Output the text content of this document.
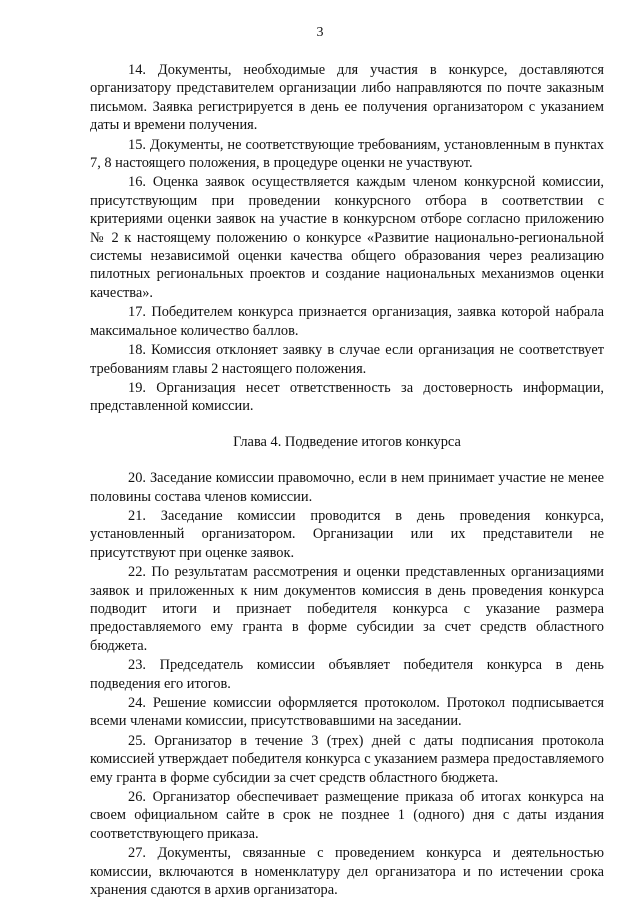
3

14. Документы, необходимые для участия в конкурсе, доставляются организатору представителем организации либо направляются по почте заказным письмом. Заявка регистрируется в день ее получения организатором с указанием даты и времени получения.

15. Документы, не соответствующие требованиям, установленным в пунктах 7, 8 настоящего положения, в процедуре оценки не участвуют.

16. Оценка заявок осуществляется каждым членом конкурсной комиссии, присутствующим при проведении конкурсного отбора в соответствии с критериями оценки заявок на участие в конкурсном отборе согласно приложению № 2 к настоящему положению о конкурсе «Развитие национально-региональной системы независимой оценки качества общего образования через реализацию пилотных региональных проектов и создание национальных механизмов оценки качества».

17. Победителем конкурса признается организация, заявка которой набрала максимальное количество баллов.

18. Комиссия отклоняет заявку в случае если организация не соответствует требованиям главы 2 настоящего положения.

19. Организация несет ответственность за достоверность информации, представленной комиссии.

Глава 4. Подведение итогов конкурса

20. Заседание комиссии правомочно, если в нем принимает участие не менее половины состава членов комиссии.

21. Заседание комиссии проводится в день проведения конкурса, установленный организатором. Организации или их представители не присутствуют при оценке заявок.

22. По результатам рассмотрения и оценки представленных организациями заявок и приложенных к ним документов комиссия в день проведения конкурса подводит итоги и признает победителя конкурса с указание размера предоставляемого ему гранта в форме субсидии за счет средств областного бюджета.

23. Председатель комиссии объявляет победителя конкурса в день подведения его итогов.

24. Решение комиссии оформляется протоколом. Протокол подписывается всеми членами комиссии, присутствовавшими на заседании.

25. Организатор в течение 3 (трех) дней с даты подписания протокола комиссией утверждает победителя конкурса с указанием размера предоставляемого ему гранта в форме субсидии за счет средств областного бюджета.

26. Организатор обеспечивает размещение приказа об итогах конкурса на своем официальном сайте в срок не позднее 1 (одного) дня с даты издания соответствующего приказа.

27. Документы, связанные с проведением конкурса и деятельностью комиссии, включаются в номенклатуру дел организатора и по истечении срока хранения сдаются в архив организатора.
